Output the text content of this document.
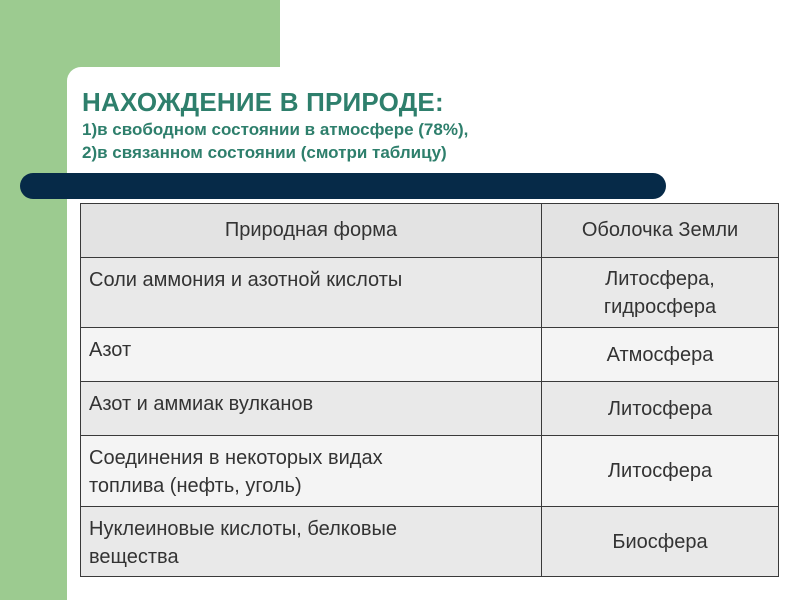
НАХОЖДЕНИЕ В ПРИРОДЕ:
1)в свободном состоянии в атмосфере (78%),
2)в связанном состоянии (смотри таблицу)
Природная форма	Оболочка Земли

Соли аммония и азотной кислоты	Литосфера,
гидросфера

Азот	Атмосфера

Азот и аммиак вулканов	Литосфера

Соединения в некоторых видах
топлива (нефть, уголь)	Литосфера

Нуклеиновые кислоты, белковые
вещества	Биосфера
